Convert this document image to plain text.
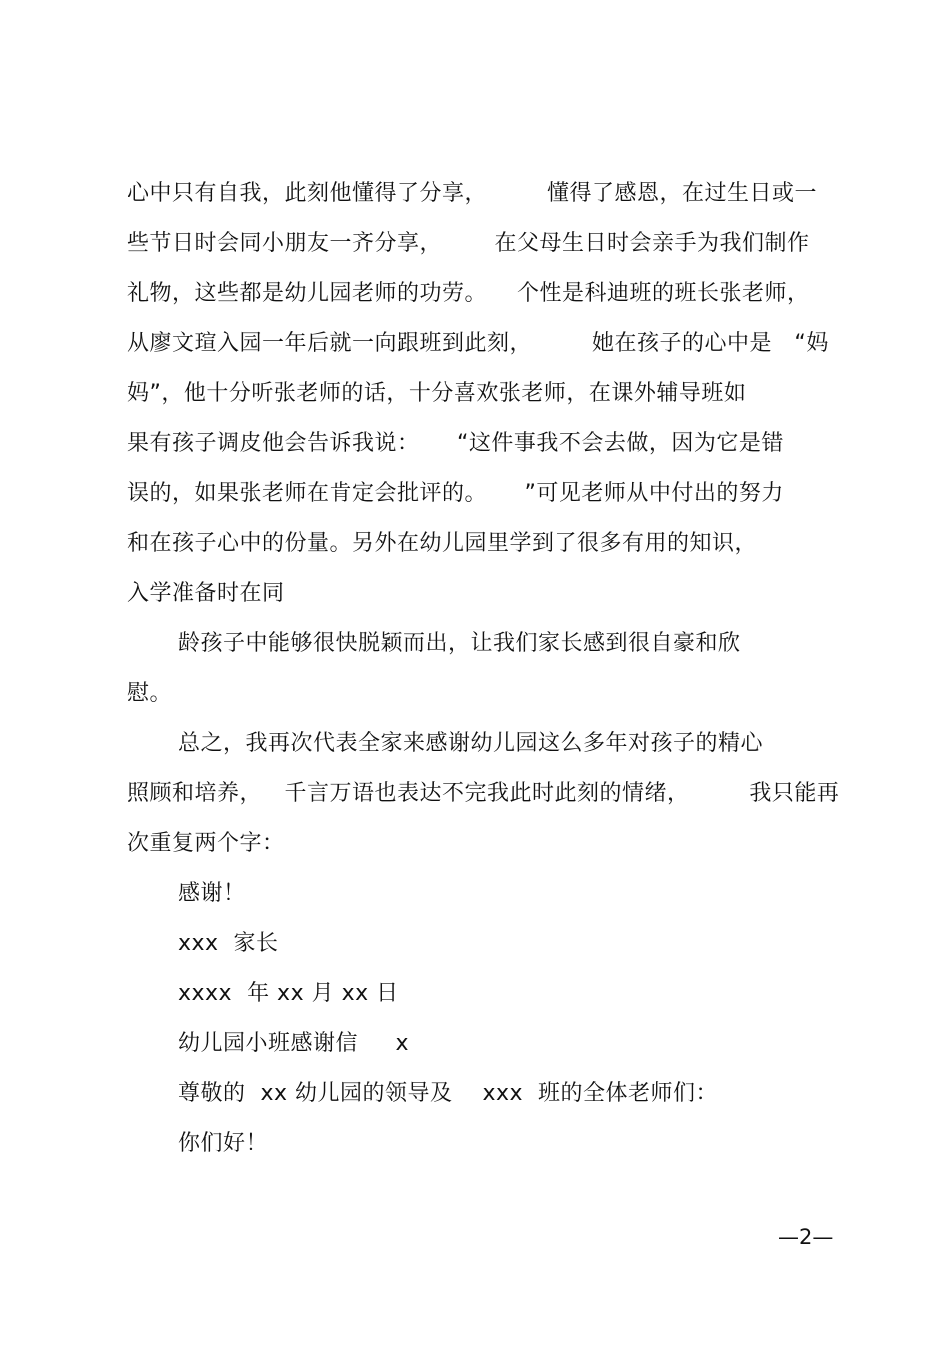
心中只有自我，此刻他懂得了分享，        懂得了感恩，在过生日或一
些节日时会同小朋友一齐分享，       在父母生日时会亲手为我们制作
礼物，这些都是幼儿园老师的功劳。    个性是科迪班的班长张老师，
从廖文瑄入园一年后就一向跟班到此刻，        她在孩子的心中是   “妈
妈”，他十分听张老师的话，十分喜欢张老师，在课外辅导班如
果有孩子调皮他会告诉我说：     “这件事我不会去做，因为它是错
误的，如果张老师在肯定会批评的。     ”可见老师从中付出的努力
和在孩子心中的份量。另外在幼儿园里学到了很多有用的知识，
入学准备时在同
龄孩子中能够很快脱颖而出，让我们家长感到很自豪和欣
慰。
总之，我再次代表全家来感谢幼儿园这么多年对孩子的精心
照顾和培养，   千言万语也表达不完我此时此刻的情绪，        我只能再
次重复两个字：
感谢！
xxx  家长
xxxx  年 xx 月 xx 日
幼儿园小班感谢信     x
尊敬的  xx 幼儿园的领导及    xxx  班的全体老师们：
你们好！
—2—
